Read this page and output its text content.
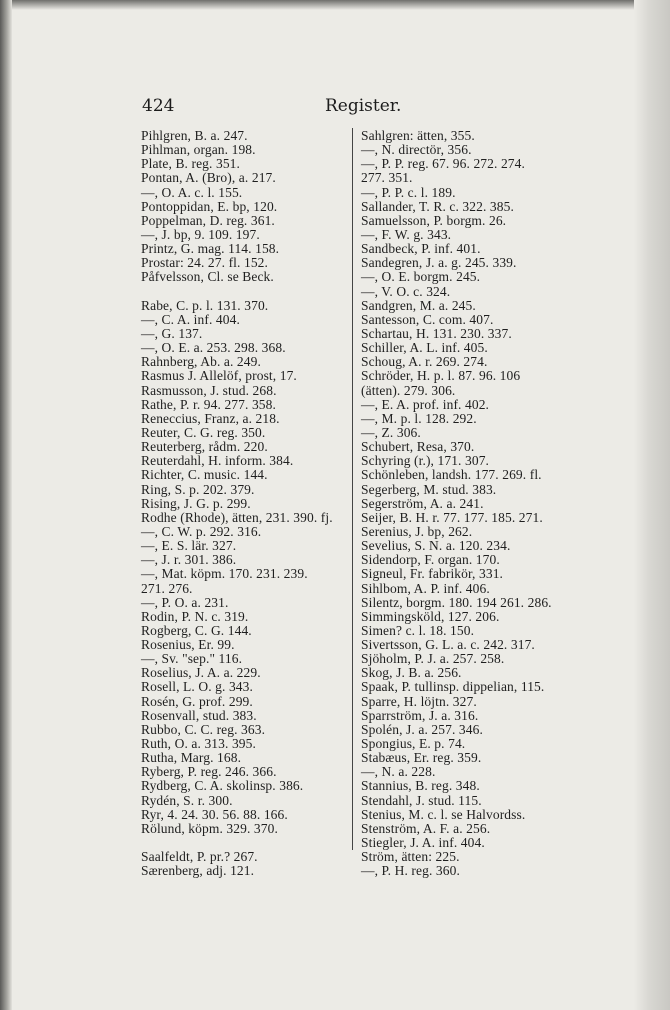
424	Register.
Pihlgren, B. a. 247.
Pihlman, organ. 198.
Plate, B. reg. 351.
Pontan, A. (Bro), a. 217.
—, O. A. c. l. 155.
Pontoppidan, E. bp, 120.
Poppelman, D. reg. 361.
—, J. bp, 9. 109. 197.
Printz, G. mag. 114. 158.
Prostar: 24. 27. fl. 152.
Påfvelsson, Cl. se Beck.
Rabe, C. p. l. 131. 370.
—, C. A. inf. 404.
—, G. 137.
—, O. E. a. 253. 298. 368.
Rahnberg, Ab. a. 249.
Rasmus J. Allelöf, prost, 17.
Rasmusson, J. stud. 268.
Rathe, P. r. 94. 277. 358.
Reneccius, Franz, a. 218.
Reuter, C. G. reg. 350.
Reuterberg, rådm. 220.
Reuterdahl, H. inform. 384.
Richter, C. music. 144.
Ring, S. p. 202. 379.
Rising, J. G. p. 299.
Rodhe (Rhode), ätten, 231. 390. fj.
—, C. W. p. 292. 316.
—, E. S. lär. 327.
—, J. r. 301. 386.
—, Mat. köpm. 170. 231. 239.
271. 276.
—, P. O. a. 231.
Rodin, P. N. c. 319.
Rogberg, C. G. 144.
Rosenius, Er. 99.
—, Sv. "sep." 116.
Roselius, J. A. a. 229.
Rosell, L. O. g. 343.
Rosén, G. prof. 299.
Rosenvall, stud. 383.
Rubbo, C. C. reg. 363.
Ruth, O. a. 313. 395.
Rutha, Marg. 168.
Ryberg, P. reg. 246. 366.
Rydberg, C. A. skolinsp. 386.
Rydén, S. r. 300.
Ryr, 4. 24. 30. 56. 88. 166.
Rölund, köpm. 329. 370.
Saalfeldt, P. pr.? 267.
Særenberg, adj. 121.
Sahlgren: ätten, 355.
—, N. directör, 356.
—, P. P. reg. 67. 96. 272. 274.
277. 351.
—, P. P. c. l. 189.
Sallander, T. R. c. 322. 385.
Samuelsson, P. borgm. 26.
—, F. W. g. 343.
Sandbeck, P. inf. 401.
Sandegren, J. a. g. 245. 339.
—, O. E. borgm. 245.
—, V. O. c. 324.
Sandgren, M. a. 245.
Santesson, C. com. 407.
Schartau, H. 131. 230. 337.
Schiller, A. L. inf. 405.
Schoug, A. r. 269. 274.
Schröder, H. p. l. 87. 96. 106
(ätten). 279. 306.
—, E. A. prof. inf. 402.
—, M. p. l. 128. 292.
—, Z. 306.
Schubert, Resa, 370.
Schyring (r.), 171. 307.
Schönleben, landsh. 177. 269. fl.
Segerberg, M. stud. 383.
Segerström, A. a. 241.
Seijer, B. H. r. 77. 177. 185. 271.
Serenius, J. bp, 262.
Sevelius, S. N. a. 120. 234.
Sidendorp, F. organ. 170.
Signeul, Fr. fabrikör, 331.
Sihlbom, A. P. inf. 406.
Silentz, borgm. 180. 194 261. 286.
Simmingsköld, 127. 206.
Simen? c. l. 18. 150.
Sivertsson, G. L. a. c. 242. 317.
Sjöholm, P. J. a. 257. 258.
Skog, J. B. a. 256.
Spaak, P. tullinsp. dippelian, 115.
Sparre, H. löjtn. 327.
Sparrström, J. a. 316.
Spolén, J. a. 257. 346.
Spongius, E. p. 74.
Stabæus, Er. reg. 359.
—, N. a. 228.
Stannius, B. reg. 348.
Stendahl, J. stud. 115.
Stenius, M. c. l. se Halvordss.
Stenström, A. F. a. 256.
Stiegler, J. A. inf. 404.
Ström, ätten: 225.
—, P. H. reg. 360.
